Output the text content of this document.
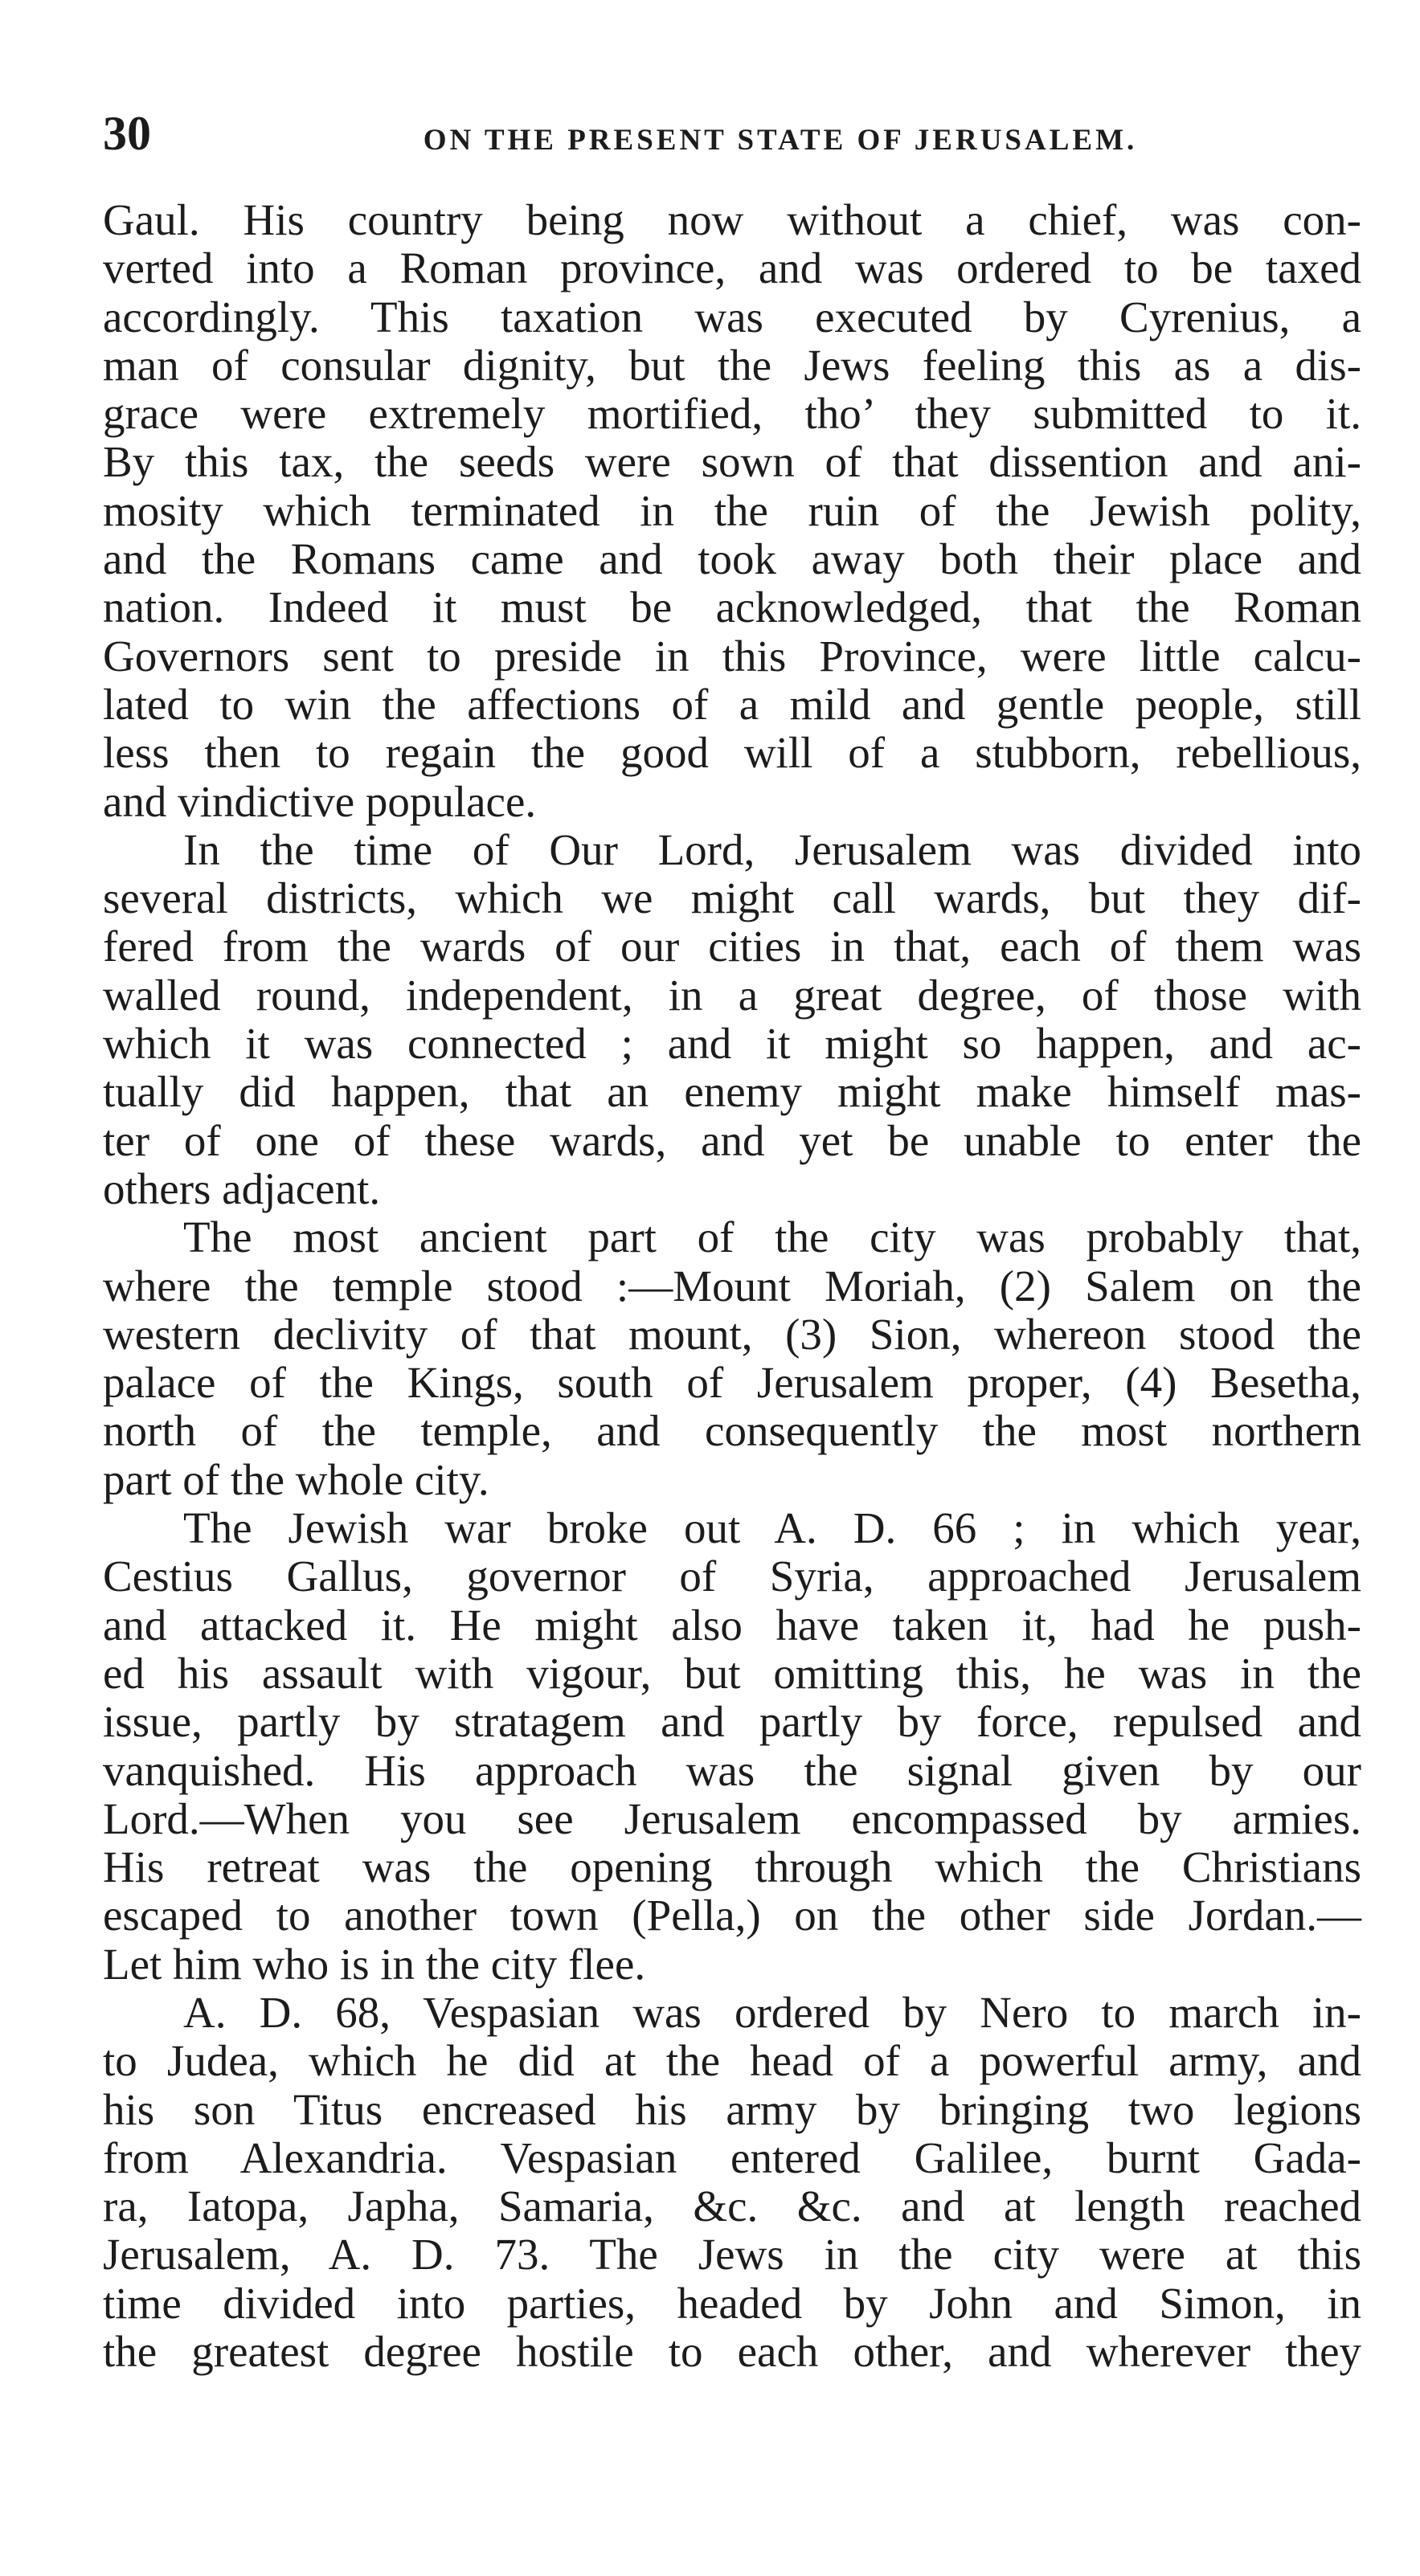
30	ON THE PRESENT STATE OF JERUSALEM.
Gaul. His country being now without a chief, was con-
verted into a Roman province, and was ordered to be taxed
accordingly. This taxation was executed by Cyrenius, a
man of consular dignity, but the Jews feeling this as a dis-
grace were extremely mortified, tho’ they submitted to it.
By this tax, the seeds were sown of that dissention and ani-
mosity which terminated in the ruin of the Jewish polity,
and the Romans came and took away both their place and
nation. Indeed it must be acknowledged, that the Roman
Governors sent to preside in this Province, were little calcu-
lated to win the affections of a mild and gentle people, still
less then to regain the good will of a stubborn, rebellious,
and vindictive populace.
In the time of Our Lord, Jerusalem was divided into
several districts, which we might call wards, but they dif-
fered from the wards of our cities in that, each of them was
walled round, independent, in a great degree, of those with
which it was connected ; and it might so happen, and ac-
tually did happen, that an enemy might make himself mas-
ter of one of these wards, and yet be unable to enter the
others adjacent.
The most ancient part of the city was probably that,
where the temple stood :—Mount Moriah, (2) Salem on the
western declivity of that mount, (3) Sion, whereon stood the
palace of the Kings, south of Jerusalem proper, (4) Besetha,
north of the temple, and consequently the most northern
part of the whole city.
The Jewish war broke out A. D. 66 ; in which year,
Cestius Gallus, governor of Syria, approached Jerusalem
and attacked it. He might also have taken it, had he push-
ed his assault with vigour, but omitting this, he was in the
issue, partly by stratagem and partly by force, repulsed and
vanquished. His approach was the signal given by our
Lord.—When you see Jerusalem encompassed by armies.
His retreat was the opening through which the Christians
escaped to another town (Pella,) on the other side Jordan.—
Let him who is in the city flee.
A. D. 68, Vespasian was ordered by Nero to march in-
to Judea, which he did at the head of a powerful army, and
his son Titus encreased his army by bringing two legions
from Alexandria. Vespasian entered Galilee, burnt Gada-
ra, Iatopa, Japha, Samaria, &c. &c. and at length reached
Jerusalem, A. D. 73. The Jews in the city were at this
time divided into parties, headed by John and Simon, in
the greatest degree hostile to each other, and wherever they
